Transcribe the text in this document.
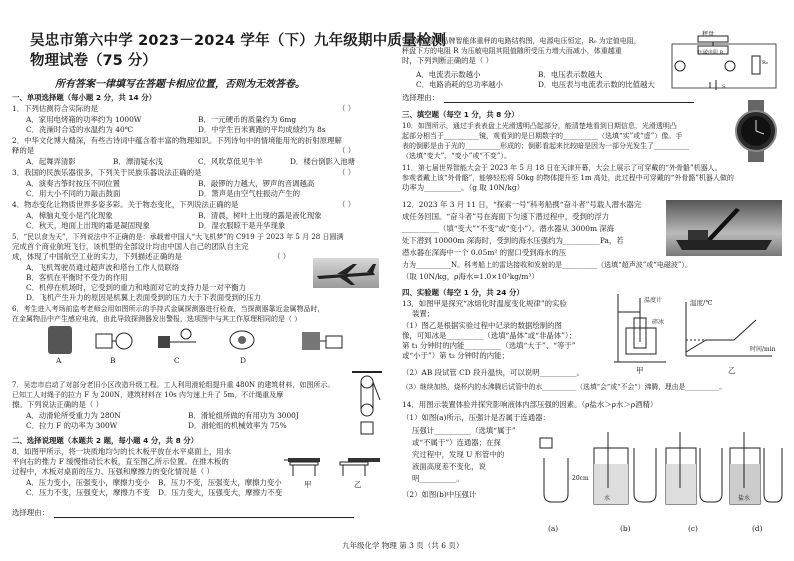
吴忠市第六中学 2023－2024 学年（下）九年级期中质量检测
物理试卷（75 分）
所有答案一律填写在答题卡相应位置，否则为无效答卷。
一、单项选择题（每小题 2 分，共 14 分）
1．下列估测符合实际的是	（ ）
A．家用电烤箱的功率约为 1000W	B．一元硬币的质量约为 6mg
C．洗澡时合适的水温约为 40℃	D．中学生百米赛跑的平均成绩约为 8s
2．中华文化博大精深，有些古诗词中蕴含着丰富的物理知识。下列诗句中的情境能用光的折射原理解
释的是	（ ）
A．起舞弄清影	B．潭清疑水浅	C．风吹草低见牛羊	D．楼台倒影入池塘
3．我国的民族乐器很多，下列关于民族乐器说法正确的是	（ ）
A．演奏古筝时按压不同位置	B．敲锣的力越大，锣声的音调越高
C．用大小不同的力敲击鼓面	D．箫声是由空气柱振动产生的
4．物态变化让物质世界多姿多彩。关于物态变化，下列说法正确的是	（ ）
A．樟脑丸变小是汽化现象	B．清晨，树叶上出现的露是液化现象
C．秋天，地面上出现的霜是凝固现象	D．湿衣服晾干是升华现象
5．“民以食为天”，下列说法中不正确的是：承载着中国人“大飞机梦”的 C919 于 2023 年 5 月 28 日圆满
完成首个商业航班飞行，该机型的全部设计均由中国人自己的团队自主完
成，体现了中国航空工业的实力，下列描述正确的是	（ ）
A．飞机驾驶员通过超声波和塔台工作人员联络
B．客机在平衡时不受力的作用
C．机停在机场时，它受到的重力和地面对它的支持力是一对平衡力
D．飞机产生升力的原因是机翼上表面受到的压力大于下表面受到的压力
6．考生进入考场前监考老师会用如图所示的手持式金属探测器进行检查，当探测器靠近金属物品时，
在金属物品中产生感应电流，由此导致探测器发出警报，选项图中与其工作原理相同的是（ ）
A	B	C	D
7．吴忠市启动了对部分老旧小区改造升级工程。工人利用滑轮组提升重 480N 的建筑材料，如图所示。
已知工人对绳子的拉力 F 为 200N，建筑材料在 10s 内匀速上升了 5m，不计绳重及摩
擦。下列说法正确的是（ ）
A．动滑轮所受重力为 280N	B．滑轮组所做的有用功为 3000J
C．拉力 F 的功率为 300W	D．滑轮组的机械效率为 75%
二、选择说理题（本题共 2 题，每小题 4 分，共 8 分）
8．如图甲所示，将一块质地均匀的长木板平放在水平桌面上，用水
平向右的推力 F 缓慢推动长木板，直至图乙所示位置。在推木板的
过程中，木板对桌面的压力、压强和摩擦力的变化情况是（ ）
A．压力变小，压强变小，摩擦力变小 B．压力不变，压强变大，摩擦力变小
C．压力不变，压强变大，摩擦力不变 D．压力变大，压强变大，摩擦力不变
选择理由：
甲	乙
9．如图是某品牌智能体重秤的电路结构图，电源电压恒定，R₀ 为定值电阻，
秤盘下方的电阻 R 为压敏电阻其阻值随所受压力增大而减小，体重越重
时，下列判断正确的是（ ）
A．电流表示数越小	B．电压表示数越大
C．电路消耗的总功率越小	D．电压表与电流表示数的比值越大
选择理由：
秤盘
压敏电阻 R
R₀
S
三、填空题（每空 1 分，共 8 分）
10．如图所示，通过手表表盘上光滑透明凸起部分，能清楚地看到日期信息，光滑透明凸
起部分相当于__________镜，观看到的是日期数字的__________（选填“实”或“虚”）像。手
表的倒影是由于光的__________形成的；倒影看起来比较暗是因为一部分光发生了__________
（选填“变大”、“变小”或“不变”）。
11．第七届世界智能大会于 2023 年 5 月 18 日在天津开幕，大会上展示了可穿戴的“外骨骼”机器人。
参观者戴上该“外骨骼”，能够轻松将 50kg 的物体提升至 1m 高处，此过程中可穿戴的“外骨骼”机器人做的
功率为__________。（g 取 10N/kg）
12．2023 年 3 月 11 日，“探索一号”科考船携“奋斗者”号载人潜水器完
成任务回国。“奋斗者”号在海面下匀速下潜过程中，受到的浮力
__________（填“变大”“不变”或“变小”）。潜水器从 3000m 深海
处下潜到 10000m 深海时，受到的海水压强约为__________Pa，若
潜水器在深海中一个 0.05m² 的窗口受到海水的压
力为__________N。科考船上的雷达接收和发射的是__________（选填“超声波”或“电磁波”）。
（取 10N/kg，ρ海水=1.0×10³kg/m³）
四、实验题（每空 1 分，共 24 分）
13．如图甲是探究“冰熔化时温度变化规律”的实验
装置；
（1）图乙是根据实验过程中记录的数据绘制的图
像，可知冰是__________（选填“晶体”或“非晶体”）；
第 t₁ 分钟时的内能__________（选填“大于”、“等于”
或“小于”）第 t₂ 分钟时的内能；
（2）AB 段试管 CD 段升温快，可以说明__________。
（3）继续加热，烧杯内的水沸腾后试管中的水__________（选填“会”或“不会”）沸腾，理由是__________。
温度计
碎冰
甲
温度/℃
时间/min
乙
14．用图示装置体验并探究影响液体内部压强的因素。（ρ盐水＞ρ水＞ρ酒精）
（1）如图(a)所示，压强计是否属于连通器：
压强计__________（选填“属于”
或“不属于”）连通器；在探
究过程中，发现 U 形管中的
液面高度差不变化，说
明__________。
（2）如图(b)中压强计
(a)	(b)	(c)	(d)
20cm
水	盐水
九年级化学 物理 第 3 页（共 6 页）
